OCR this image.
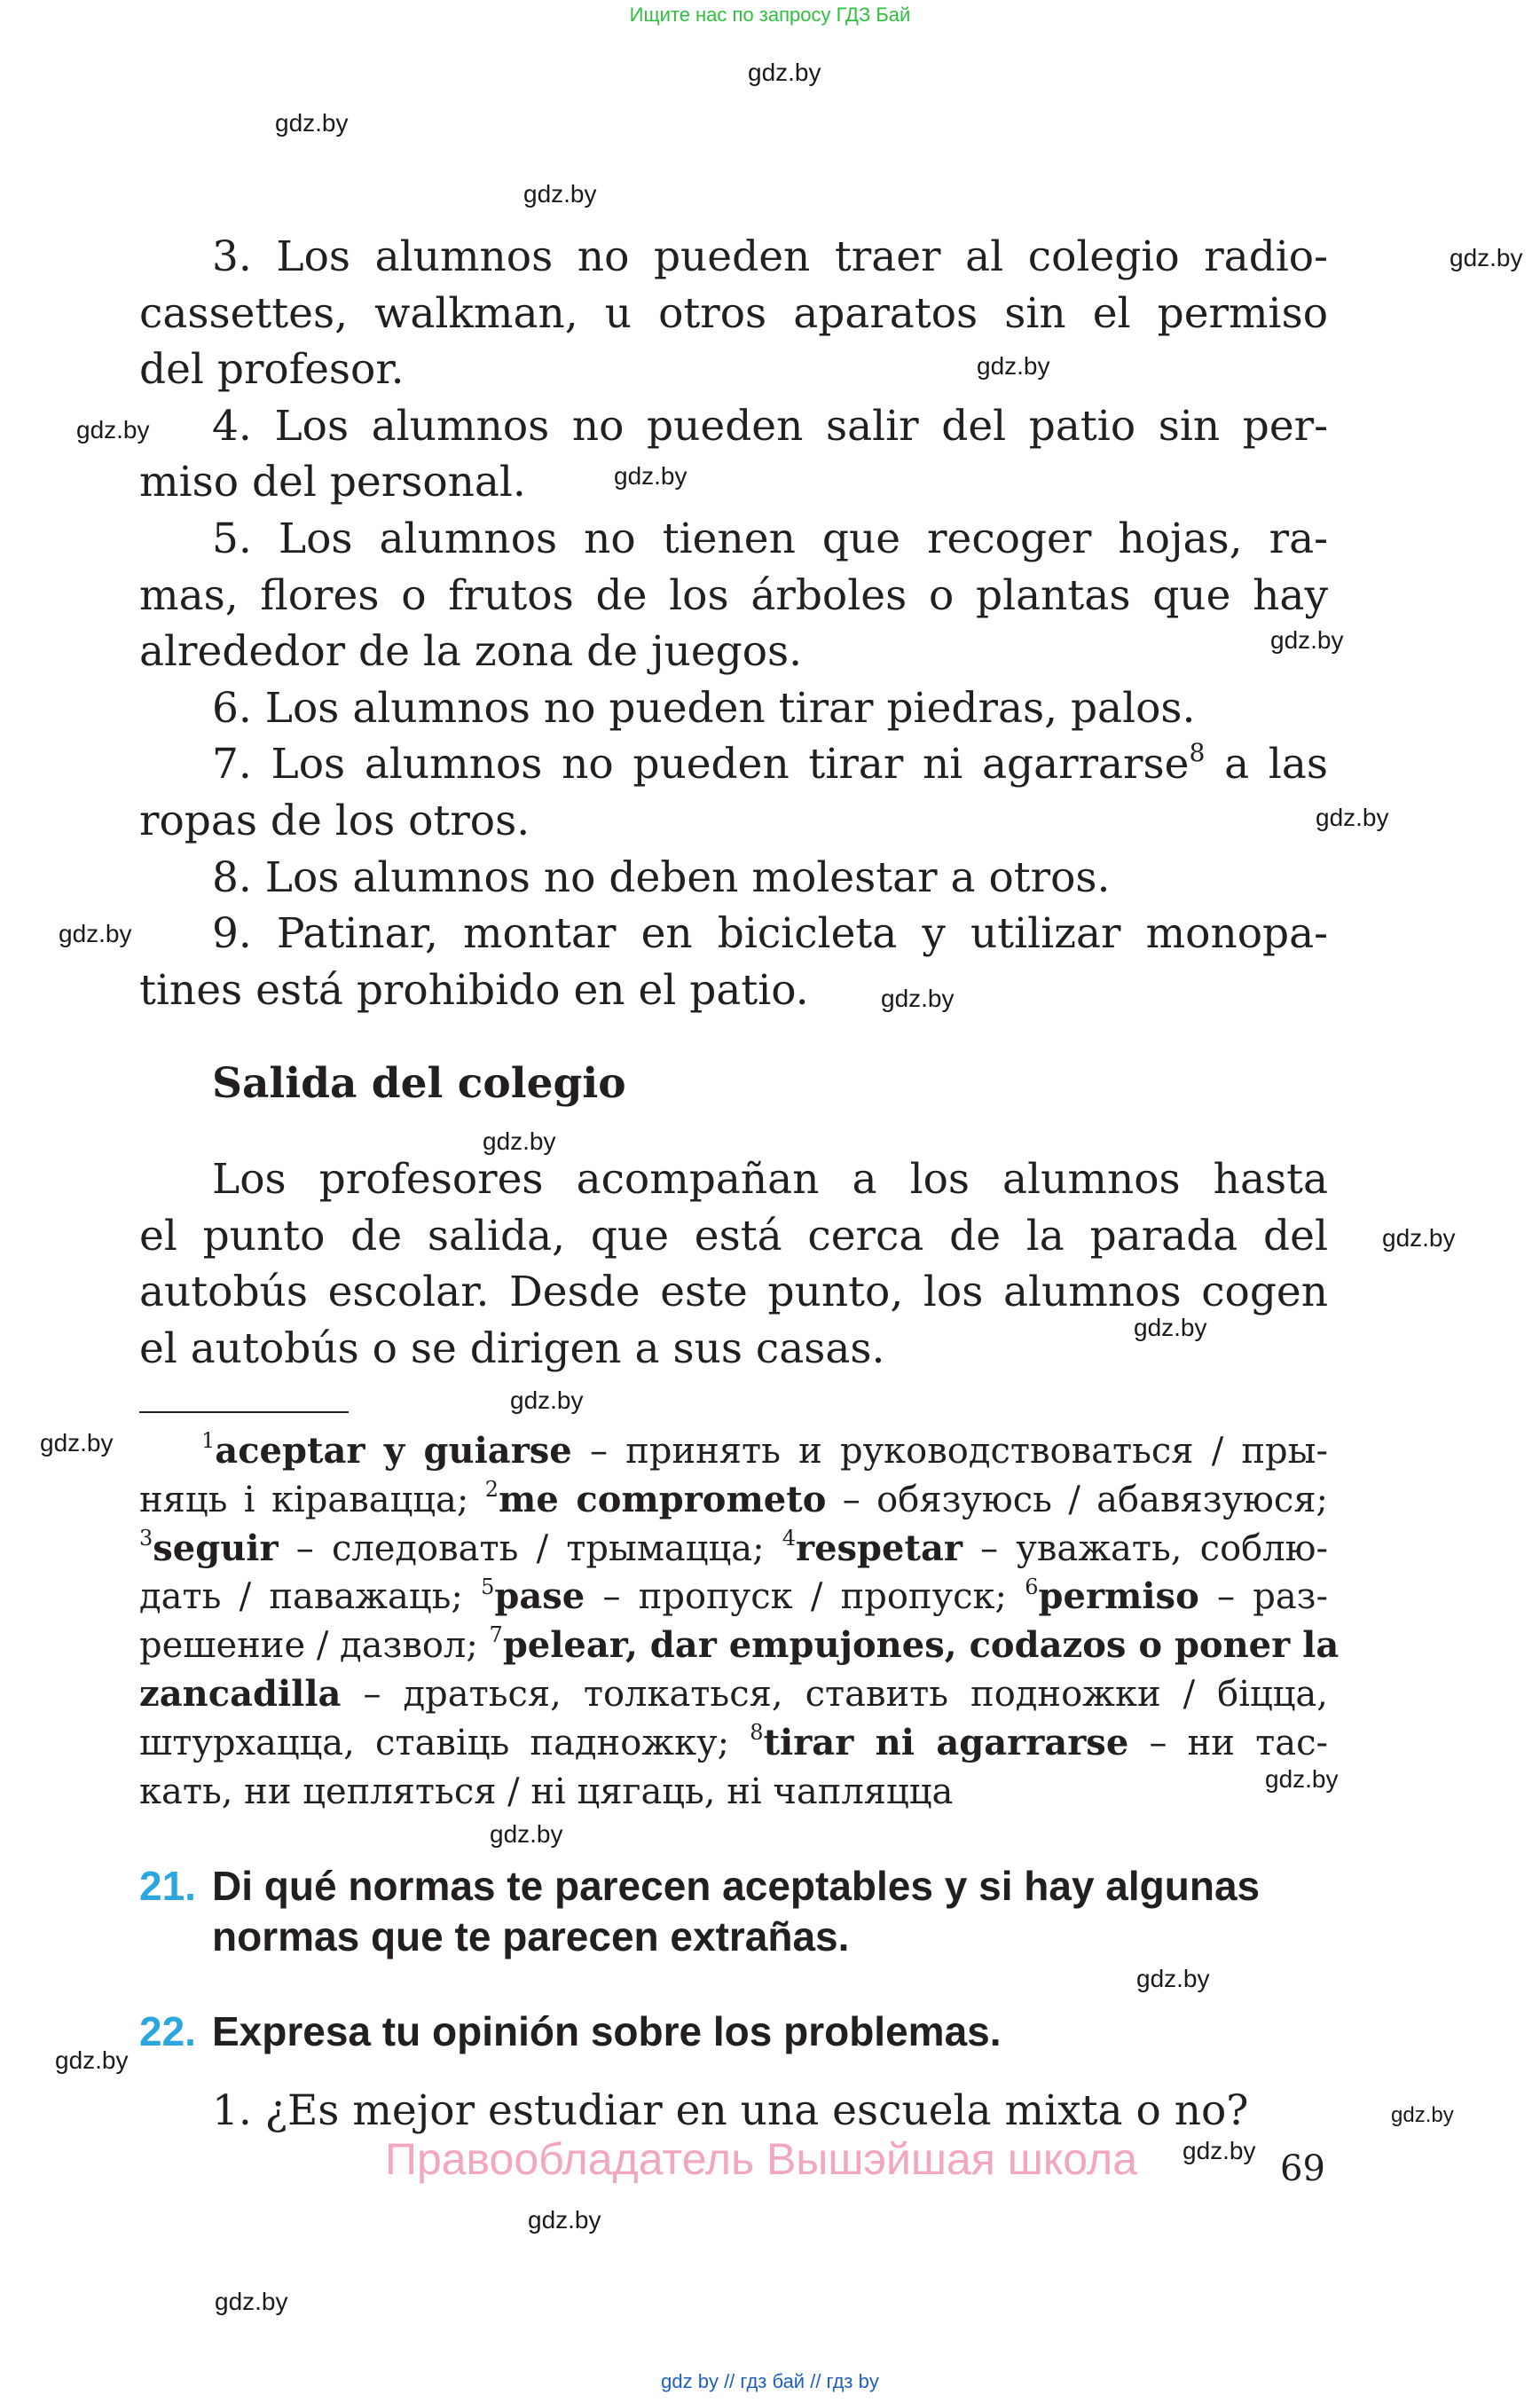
Ищите нас по запросу ГДЗ Бай
gdz.by
gdz.by
gdz.by
gdz.by
gdz.by
gdz.by
gdz.by
gdz.by
gdz.by
gdz.by
gdz.by
gdz.by
gdz.by
gdz.by
gdz.by
gdz.by
gdz.by
gdz.by
gdz.by
gdz.by
gdz.by
gdz.by
gdz.by
gdz.by
3. Los alumnos no pueden traer al colegio radio-
cassettes, walkman, u otros aparatos sin el permiso
del profesor.
4. Los alumnos no pueden salir del patio sin per-
miso del personal.
5. Los alumnos no tienen que recoger hojas, ra-
mas, flores o frutos de los árboles o plantas que hay
alrededor de la zona de juegos.
6. Los alumnos no pueden tirar piedras, palos.
7. Los alumnos no pueden tirar ni agarrarse$^8$ a las
ropas de los otros.
8. Los alumnos no deben molestar a otros.
9. Patinar, montar en bicicleta y utilizar monopa-
tines está prohibido en el patio.
Salida del colegio
Los profesores acompañan a los alumnos hasta
el punto de salida, que está cerca de la parada del
autobús escolar. Desde este punto, los alumnos cogen
el autobús o se dirigen a sus casas.
$^1$aceptar y guiarse – принять и руководствоваться / пры-
няць і кіравацца; $^2$me comprometo – обязуюсь / абавязуюся;
$^3$seguir – следовать / трымацца; $^4$respetar – уважать, соблю-
дать / паважаць; $^5$pase – пропуск / пропуск; $^6$permiso – раз-
решение / дазвол; $^7$pelear, dar empujones, codazos o poner la
zancadilla – драться, толкаться, ставить подножки / біцца,
штурхацца, ставіць падножку; $^8$tirar ni agarrarse – ни тас-
кать, ни цепляться / ні цягаць, ні чапляцца
21. Di qué normas te parecen aceptables y si hay algunas
normas que te parecen extrañas.
22. Expresa tu opinión sobre los problemas.
1. ¿Es mejor estudiar en una escuela mixta o no?
Правообладатель Вышэйшая школа	69
gdz by // гдз бай // гдз by
